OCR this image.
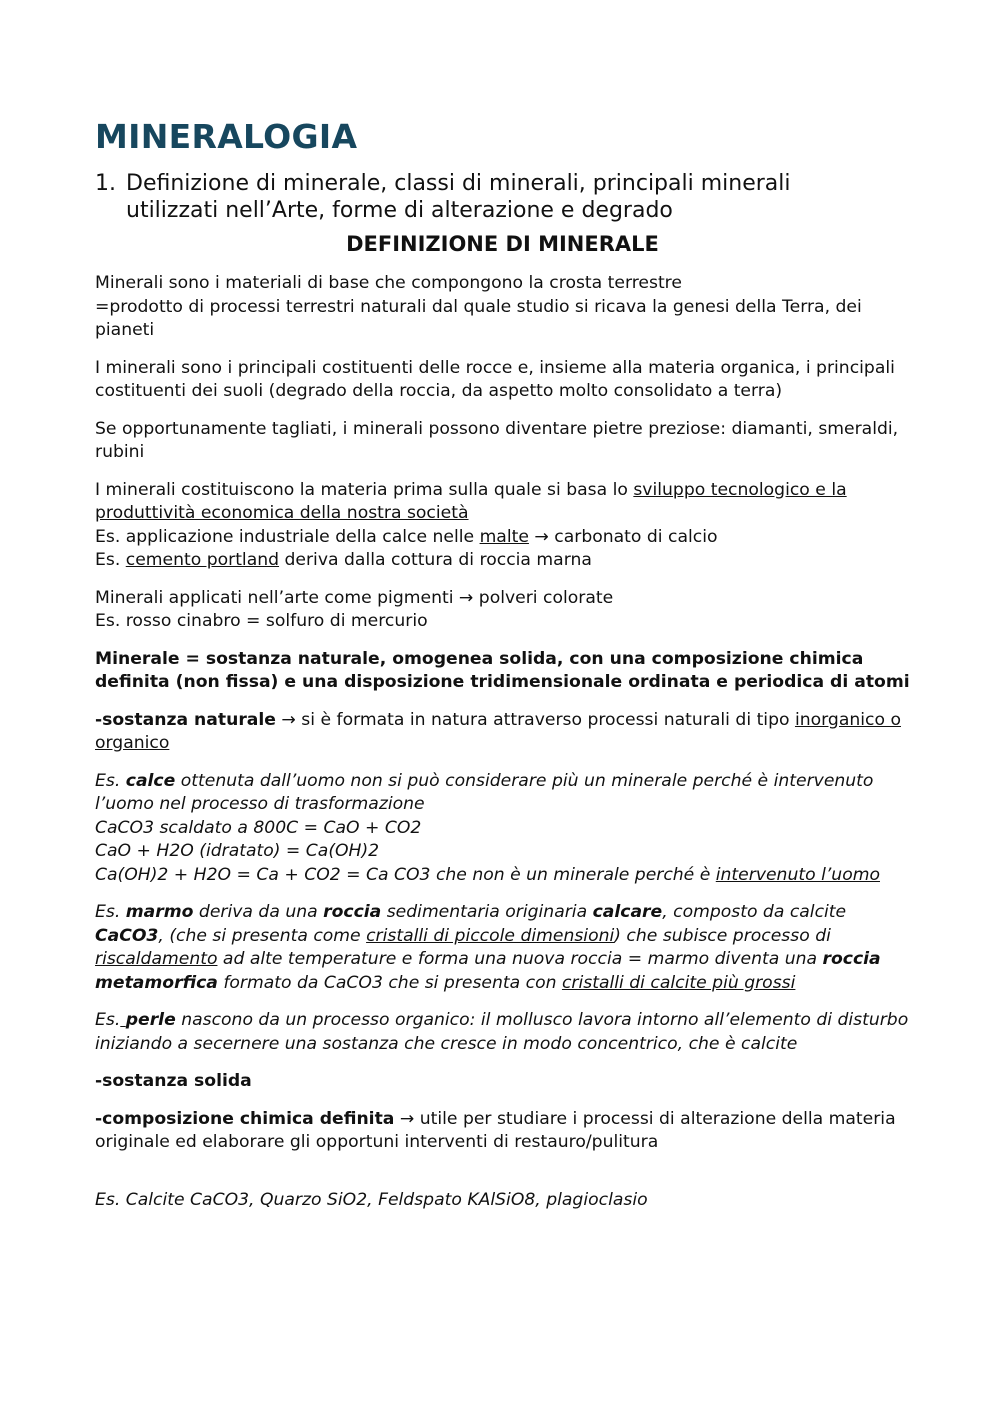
MINERALOGIA
1. Definizione di minerale, classi di minerali, principali minerali
utilizzati nell’Arte, forme di alterazione e degrado
DEFINIZIONE DI MINERALE

Minerali sono i materiali di base che compongono la crosta terrestre
=prodotto di processi terrestri naturali dal quale studio si ricava la genesi della Terra, dei pianeti

I minerali sono i principali costituenti delle rocce e, insieme alla materia organica, i principali costituenti dei suoli (degrado della roccia, da aspetto molto consolidato a terra)

Se opportunamente tagliati, i minerali possono diventare pietre preziose: diamanti, smeraldi, rubini

I minerali costituiscono la materia prima sulla quale si basa lo sviluppo tecnologico e la produttività economica della nostra società
Es. applicazione industriale della calce nelle malte → carbonato di calcio
Es. cemento portland deriva dalla cottura di roccia marna

Minerali applicati nell’arte come pigmenti → polveri colorate
Es. rosso cinabro = solfuro di mercurio

Minerale = sostanza naturale, omogenea solida, con una composizione chimica definita (non fissa) e una disposizione tridimensionale ordinata e periodica di atomi

-sostanza naturale → si è formata in natura attraverso processi naturali di tipo inorganico o organico

Es. calce ottenuta dall’uomo non si può considerare più un minerale perché è intervenuto l’uomo nel processo di trasformazione
CaCO3 scaldato a 800C = CaO + CO2
CaO + H2O (idratato) = Ca(OH)2
Ca(OH)2 + H2O = Ca + CO2 = Ca CO3 che non è un minerale perché è intervenuto l’uomo

Es. marmo deriva da una roccia sedimentaria originaria calcare, composto da calcite CaCO3, (che si presenta come cristalli di piccole dimensioni) che subisce processo di riscaldamento ad alte temperature e forma una nuova roccia = marmo diventa una roccia metamorfica formato da CaCO3 che si presenta con cristalli di calcite più grossi

Es. perle nascono da un processo organico: il mollusco lavora intorno all’elemento di disturbo iniziando a secernere una sostanza che cresce in modo concentrico, che è calcite

-sostanza solida

-composizione chimica definita → utile per studiare i processi di alterazione della materia originale ed elaborare gli opportuni interventi di restauro/pulitura

Es. Calcite CaCO3, Quarzo SiO2, Feldspato KAlSiO8, plagioclasio
